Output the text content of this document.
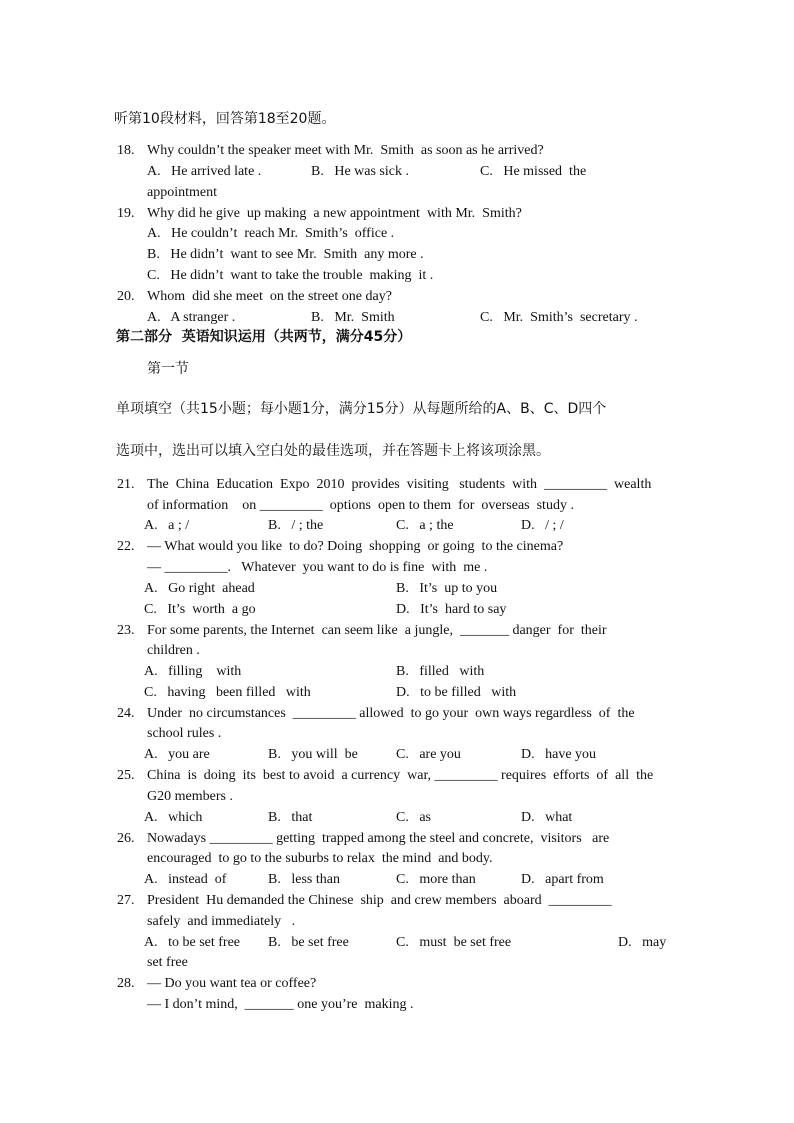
听第10段材料，回答第18至20题。
18. Why couldn’t the speaker meet with Mr.  Smith  as soon as he arrived?
A.   He arrived late .	B.   He was sick .	C.   He missed  the
appointment
19. Why did he give  up making  a new appointment  with Mr.  Smith?
A.   He couldn’t  reach Mr.  Smith’s  office .
B.   He didn’t  want to see Mr.  Smith  any more .
C.   He didn’t  want to take the trouble  making  it .
20. Whom  did she meet  on the street one day?
A.   A stranger .	B.   Mr.  Smith	C.   Mr.  Smith’s  secretary .
第二部分  英语知识运用（共两节，满分45分）
第一节
单项填空（共15小题；每小题1分，满分15分）从每题所给的A、B、C、D四个
选项中，选出可以填入空白处的最佳选项，并在答题卡上将该项涂黑。
21. The  China  Education  Expo  2010  provides  visiting   students  with  _________  wealth
of information    on _________  options  open to them  for  overseas  study .
A.   a ; /	B.   / ; the	C.   a ; the	D.   / ; /
22. — What would you like  to do? Doing  shopping  or going  to the cinema?
— _________.   Whatever  you want to do is fine  with  me .
A.   Go right  ahead	B.   It’s  up to you
C.   It’s  worth  a go	D.   It’s  hard to say
23. For some parents, the Internet  can seem like  a jungle,  _______ danger  for  their
children .
A.   filling    with	B.   filled   with
C.   having   been filled   with	D.   to be filled   with
24. Under  no circumstances  _________ allowed  to go your  own ways regardless  of  the
school rules .
A.   you are	B.   you will  be	C.   are you	D.   have you
25. China  is  doing  its  best to avoid  a currency  war, _________ requires  efforts  of  all  the
G20 members .
A.   which	B.   that	C.   as	D.   what
26. Nowadays _________ getting  trapped among the steel and concrete,  visitors   are
encouraged  to go to the suburbs to relax  the mind  and body.
A.   instead  of	B.   less than	C.   more than	D.   apart from
27. President  Hu demanded the Chinese  ship  and crew members  aboard  _________
safely  and immediately   .
A.   to be set free B.   be set free	C.   must  be set free	D.   may
set free
28. — Do you want tea or coffee?
— I don’t mind,  _______ one you’re  making .
